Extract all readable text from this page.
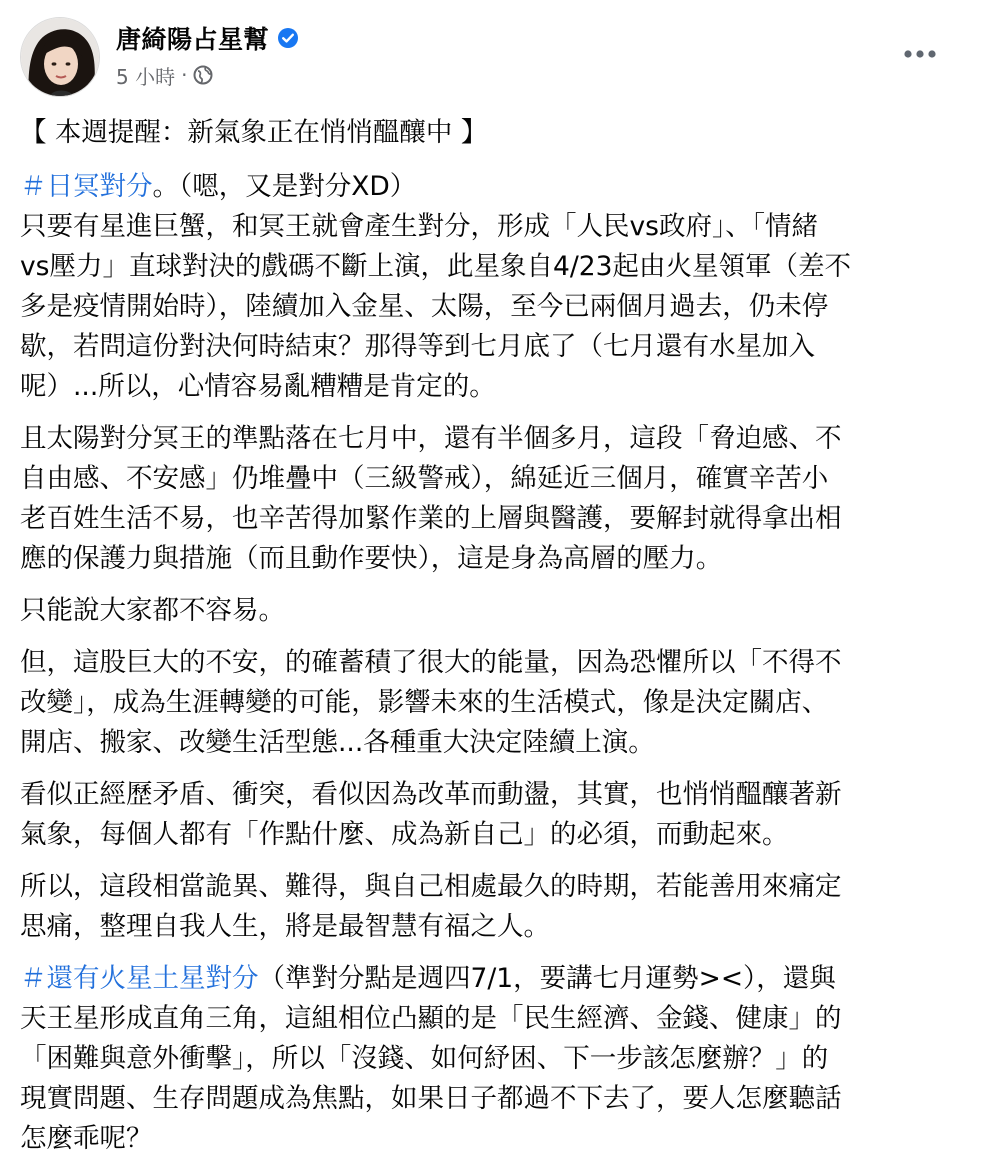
唐綺陽占星幫
5 小時 ·
【 本週提醒：新氣象正在悄悄醞釀中 】
＃日冥對分。（嗯，又是對分XD）
只要有星進巨蟹，和冥王就會產生對分，形成「人民vs政府」、「情緒
vs壓力」直球對決的戲碼不斷上演，此星象自4/23起由火星領軍（差不
多是疫情開始時），陸續加入金星、太陽，至今已兩個月過去，仍未停
歇，若問這份對決何時結束？那得等到七月底了（七月還有水星加入
呢）...所以，心情容易亂糟糟是肯定的。
且太陽對分冥王的準點落在七月中，還有半個多月，這段「脅迫感、不
自由感、不安感」仍堆疊中（三級警戒），綿延近三個月，確實辛苦小
老百姓生活不易，也辛苦得加緊作業的上層與醫護，要解封就得拿出相
應的保護力與措施（而且動作要快），這是身為高層的壓力。
只能說大家都不容易。
但，這股巨大的不安，的確蓄積了很大的能量，因為恐懼所以「不得不
改變」，成為生涯轉變的可能，影響未來的生活模式，像是決定關店、
開店、搬家、改變生活型態...各種重大決定陸續上演。
看似正經歷矛盾、衝突，看似因為改革而動盪，其實，也悄悄醞釀著新
氣象，每個人都有「作點什麼、成為新自己」的必須，而動起來。
所以，這段相當詭異、難得，與自己相處最久的時期，若能善用來痛定
思痛，整理自我人生，將是最智慧有福之人。
＃還有火星土星對分（準對分點是週四7/1，要講七月運勢><），還與
天王星形成直角三角，這組相位凸顯的是「民生經濟、金錢、健康」的
「困難與意外衝擊」，所以「沒錢、如何紓困、下一步該怎麼辦？」的
現實問題、生存問題成為焦點，如果日子都過不下去了，要人怎麼聽話
怎麼乖呢？
